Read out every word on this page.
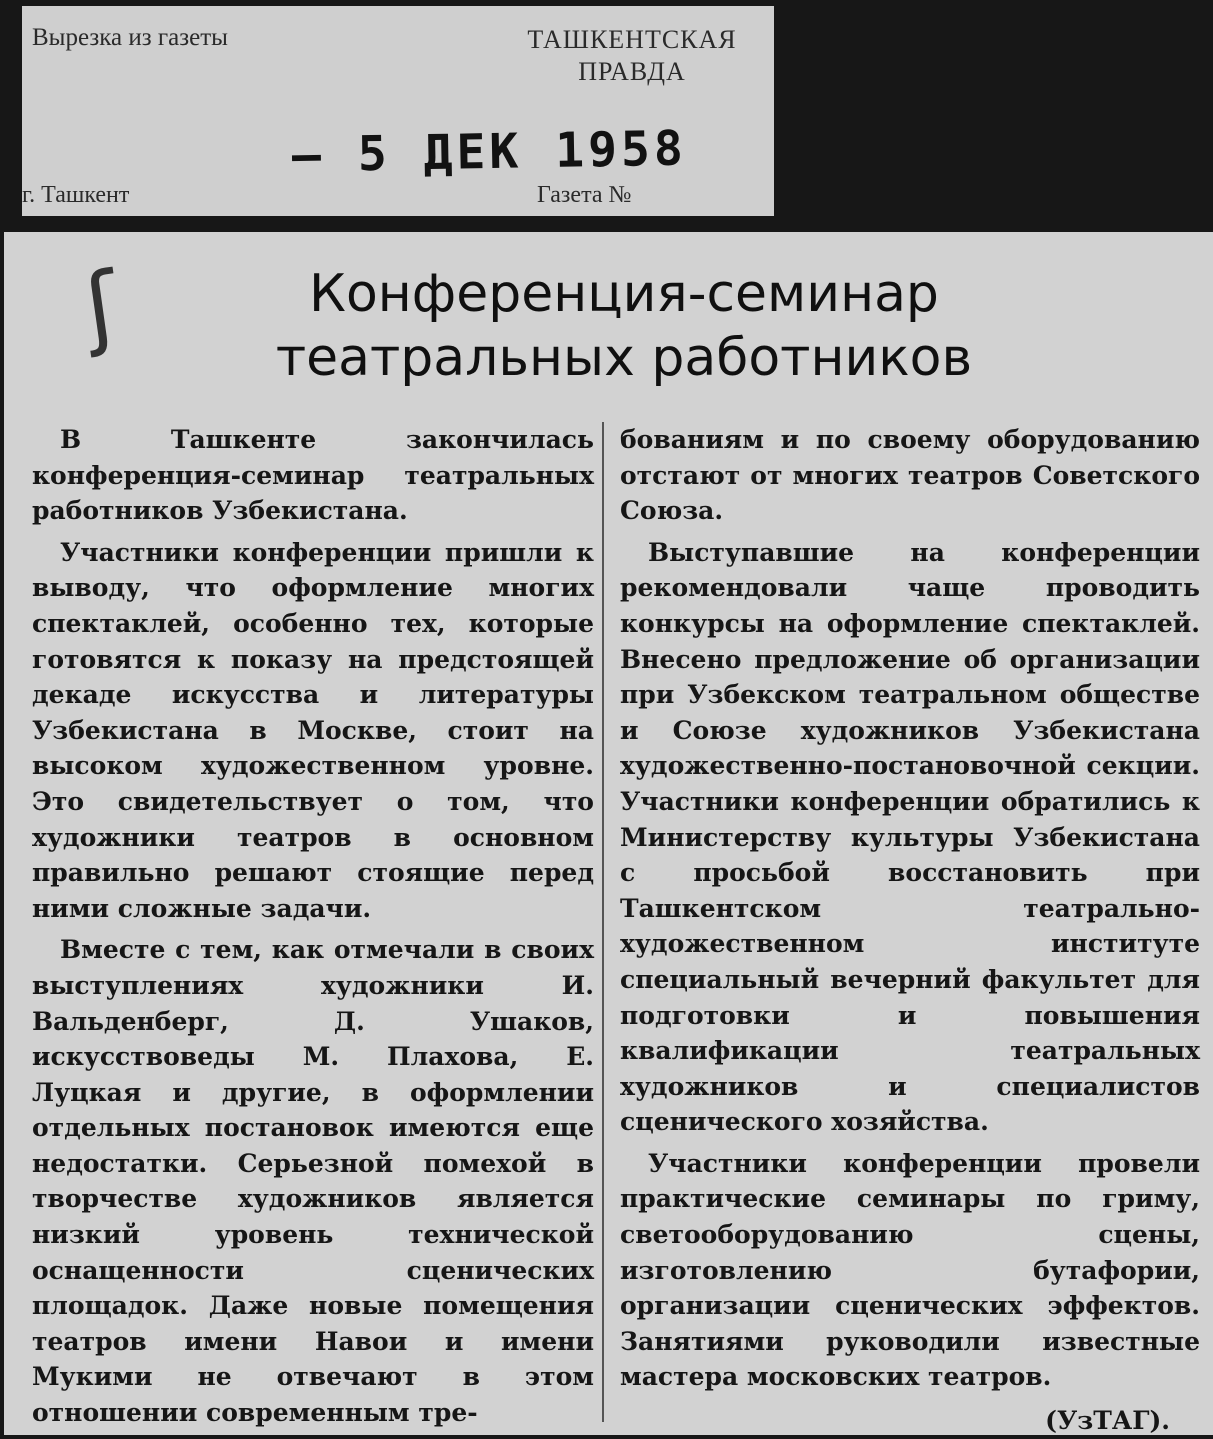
Вырезка из газеты	ТАШКЕНТСКАЯ
ПРАВДА
— 5 ДЕК 1958
г. Ташкент	Газета №
ʃ	Конференция-семинар
театральных работников

В Ташкенте закончилась конференция-семинар театральных работников Узбекистана.

Участники конференции пришли к выводу, что оформление многих спектаклей, особенно тех, которые готовятся к показу на предстоящей декаде искусства и литературы Узбекистана в Москве, стоит на высоком художественном уровне. Это свидетельствует о том, что художники театров в основном правильно решают стоящие перед ними сложные задачи.

Вместе с тем, как отмечали в своих выступлениях художники И. Вальденберг, Д. Ушаков, искусствоведы М. Плахова, Е. Луцкая и другие, в оформлении отдельных постановок имеются еще недостатки. Серьезной помехой в творчестве художников является низкий уровень технической оснащенности сценических площадок. Даже новые помещения театров имени Навои и имени Мукими не отвечают в этом отношении современным тре-

бованиям и по своему оборудованию отстают от многих театров Советского Союза.

Выступавшие на конференции рекомендовали чаще проводить конкурсы на оформление спектаклей. Внесено предложение об организации при Узбекском театральном обществе и Союзе художников Узбекистана художественно-постановочной секции. Участники конференции обратились к Министерству культуры Узбекистана с просьбой восстановить при Ташкентском театрально-художественном институте специальный вечерний факультет для подготовки и повышения квалификации театральных художников и специалистов сценического хозяйства.

Участники конференции провели практические семинары по гриму, светооборудованию сцены, изготовлению бутафории, организации сценических эффектов. Занятиями руководили известные мастера московских театров.

(УзТАГ).
